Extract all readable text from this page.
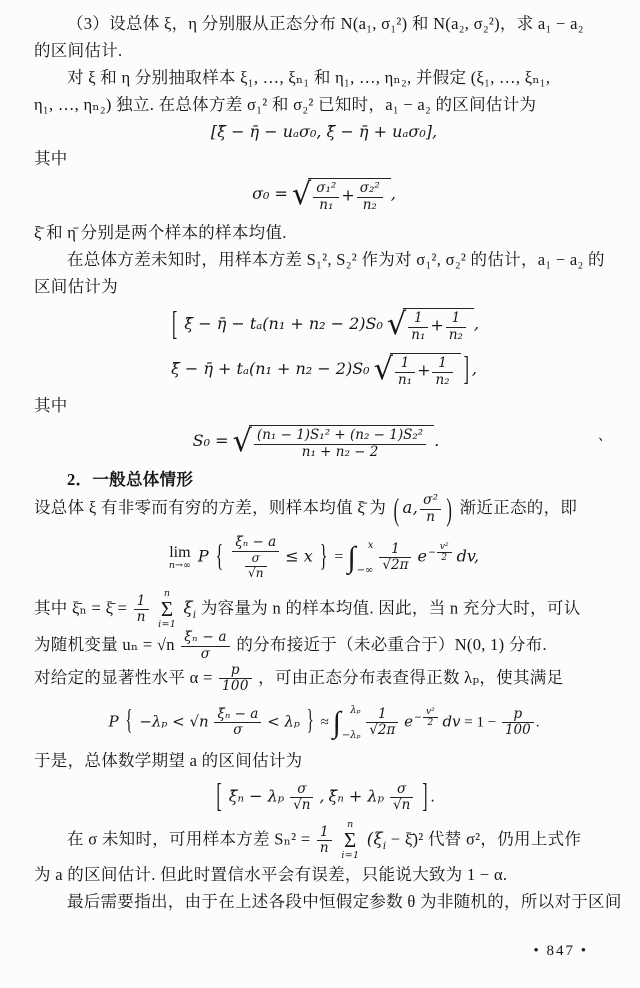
（3）设总体 ξ，η 分别服从正态分布 N(a₁, σ₁²) 和 N(a₂, σ₂²)，求 a₁ − a₂
的区间估计.
对 ξ 和 η 分别抽取样本 ξ₁, …, ξₙ₁ 和 η₁, …, ηₙ₂, 并假定 (ξ₁, …, ξₙ₁,
η₁, …, ηₙ₂) 独立. 在总体方差 σ₁² 和 σ₂² 已知时，a₁ − a₂ 的区间估计为
[ξ̄ − η̄ − uₐσ₀, ξ̄ − η̄ + uₐσ₀],
其中
σ₀ = √ $\frac{\text{σ₁²}}{\text{n₁}} + \frac{\text{σ₂²}}{\text{n₂}}$ ,
ξ̄ 和 η̄ 分别是两个样本的样本均值.
在总体方差未知时，用样本方差 S₁², S₂² 作为对 σ₁², σ₂² 的估计，a₁ − a₂ 的
区间估计为
[ ξ̄ − η̄ − tₐ(n₁ + n₂ − 2)S₀ √ $\frac{1}{\text{n₁}} + \frac{1}{\text{n₂}}$ ,
ξ̄ − η̄ + tₐ(n₁ + n₂ − 2)S₀ √ $\frac{1}{\text{n₁}} + \frac{1}{\text{n₂}}$ ] ,
其中
、
S₀ = √ $\frac{\text{(n₁ − 1)S₁² + (n₂ − 1)S₂²}}{\text{n₁ + n₂ − 2}}$ .
2．一般总体情形
设总体 ξ 有非零而有穷的方差，则样本均值 ξ̄ 为 ( a, $\frac{\text{σ²}}{n}$ ) 渐近正态的，即
lim
n→∞
P { $\frac{\text{ξ̄ₙ − a}}{\frac{\sigma}{√n}} \le x$ } = ∫ x
−∞
$\frac{1}{√2\pi} e^{- \frac{\text{v²}}{2}}$ dv,
其中 ξ̄ₙ = ξ̄ = $\frac{1}{n}$

n
Σ
i=1
$\xi_i$ 为容量为 n 的样本均值. 因此，当 n 充分大时，可认
为随机变量 $u_n = √n \frac{\text{ξ̄ₙ − a}}{\sigma}$ 的分布接近于（未必重合于）N(0, 1) 分布.
对给定的显著性水平 $\alpha = \frac{p}{100}$ ，可由正态分布表查得正数 λₚ，使其满足
P { $-\lambda_p < √n \frac{\text{ξ̄ₙ − a}}{\sigma} < \lambda_p$ } ≈ ∫ λₚ
−λₚ
$\frac{1}{√2\pi} e^{- \frac{\text{v²}}{2}}$ dv = $1 - \frac{p}{100}$ .
于是，总体数学期望 a 的区间估计为
[ ξ̄ₙ − λₚ $\frac{\sigma}{√n}$ , ξ̄ₙ + λₚ $\frac{\sigma}{√n}$ ] .
在 σ 未知时，可用样本方差 $S_n^2 = \frac{1}{n}$

n
Σ
i=1
($\xi_i$ − ξ̄)² 代替 σ²，仍用上式作
为 a 的区间估计. 但此时置信水平会有误差，只能说大致为 1 − α.
最后需要指出，由于在上述各段中恒假定参数 θ 为非随机的，所以对于区间
• 847 •
